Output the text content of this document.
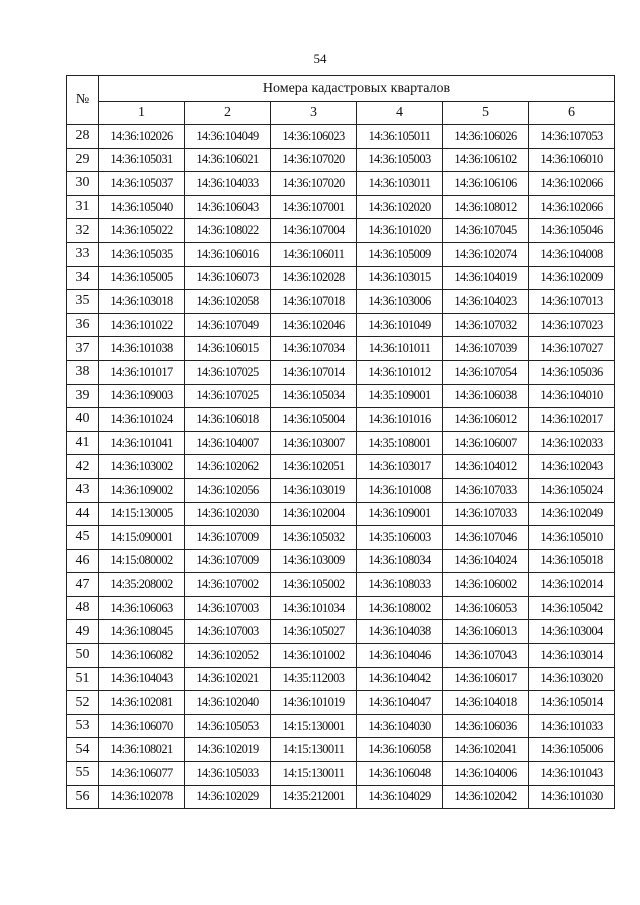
54
№	Номера кадастровых кварталов					
	1	2	3	4	5	6
28	14:36:102026	14:36:104049	14:36:106023	14:36:105011	14:36:106026	14:36:107053
29	14:36:105031	14:36:106021	14:36:107020	14:36:105003	14:36:106102	14:36:106010
30	14:36:105037	14:36:104033	14:36:107020	14:36:103011	14:36:106106	14:36:102066
31	14:36:105040	14:36:106043	14:36:107001	14:36:102020	14:36:108012	14:36:102066
32	14:36:105022	14:36:108022	14:36:107004	14:36:101020	14:36:107045	14:36:105046
33	14:36:105035	14:36:106016	14:36:106011	14:36:105009	14:36:102074	14:36:104008
34	14:36:105005	14:36:106073	14:36:102028	14:36:103015	14:36:104019	14:36:102009
35	14:36:103018	14:36:102058	14:36:107018	14:36:103006	14:36:104023	14:36:107013
36	14:36:101022	14:36:107049	14:36:102046	14:36:101049	14:36:107032	14:36:107023
37	14:36:101038	14:36:106015	14:36:107034	14:36:101011	14:36:107039	14:36:107027
38	14:36:101017	14:36:107025	14:36:107014	14:36:101012	14:36:107054	14:36:105036
39	14:36:109003	14:36:107025	14:36:105034	14:35:109001	14:36:106038	14:36:104010
40	14:36:101024	14:36:106018	14:36:105004	14:36:101016	14:36:106012	14:36:102017
41	14:36:101041	14:36:104007	14:36:103007	14:35:108001	14:36:106007	14:36:102033
42	14:36:103002	14:36:102062	14:36:102051	14:36:103017	14:36:104012	14:36:102043
43	14:36:109002	14:36:102056	14:36:103019	14:36:101008	14:36:107033	14:36:105024
44	14:15:130005	14:36:102030	14:36:102004	14:36:109001	14:36:107033	14:36:102049
45	14:15:090001	14:36:107009	14:36:105032	14:35:106003	14:36:107046	14:36:105010
46	14:15:080002	14:36:107009	14:36:103009	14:36:108034	14:36:104024	14:36:105018
47	14:35:208002	14:36:107002	14:36:105002	14:36:108033	14:36:106002	14:36:102014
48	14:36:106063	14:36:107003	14:36:101034	14:36:108002	14:36:106053	14:36:105042
49	14:36:108045	14:36:107003	14:36:105027	14:36:104038	14:36:106013	14:36:103004
50	14:36:106082	14:36:102052	14:36:101002	14:36:104046	14:36:107043	14:36:103014
51	14:36:104043	14:36:102021	14:35:112003	14:36:104042	14:36:106017	14:36:103020
52	14:36:102081	14:36:102040	14:36:101019	14:36:104047	14:36:104018	14:36:105014
53	14:36:106070	14:36:105053	14:15:130001	14:36:104030	14:36:106036	14:36:101033
54	14:36:108021	14:36:102019	14:15:130011	14:36:106058	14:36:102041	14:36:105006
55	14:36:106077	14:36:105033	14:15:130011	14:36:106048	14:36:104006	14:36:101043
56	14:36:102078	14:36:102029	14:35:212001	14:36:104029	14:36:102042	14:36:101030
